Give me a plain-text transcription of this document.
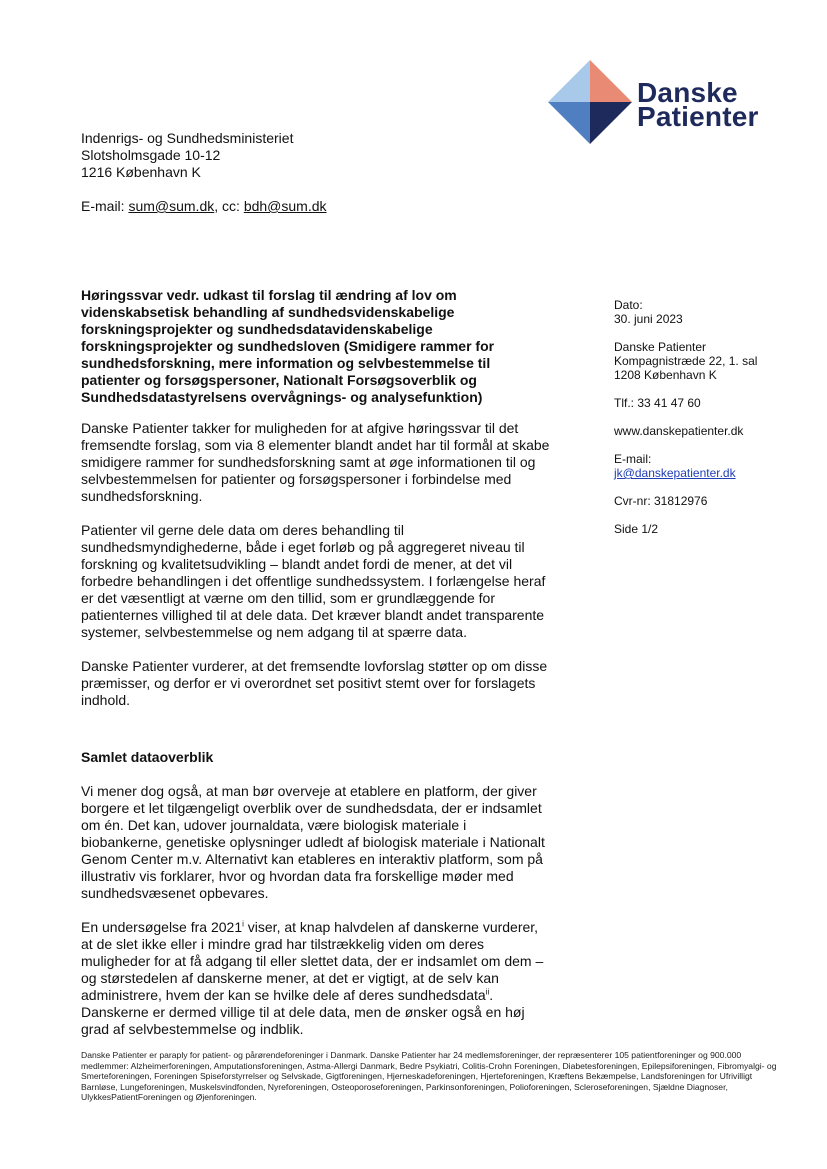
Danske
Patienter
Indenrigs- og Sundhedsministeriet
Slotsholmsgade 10-12
1216 København K
E-mail: sum@sum.dk, cc: bdh@sum.dk
Høringssvar vedr. udkast til forslag til ændring af lov om videnskabsetisk behandling af sundhedsvidenskabelige forskningsprojekter og sundhedsdatavidenskabelige forskningsprojekter og sundhedsloven (Smidigere rammer for sundhedsforskning, mere information og selvbestemmelse til patienter og forsøgspersoner, Nationalt Forsøgsoverblik og Sundhedsdatastyrelsens overvågnings- og analysefunktion)
Dato:
30. juni 2023
Danske Patienter
Kompagnistræde 22, 1. sal
1208 København K
Tlf.: 33 41 47 60
www.danskepatienter.dk
E-mail:
jk@danskepatienter.dk
Cvr-nr: 31812976
Side 1/2

Danske Patienter takker for muligheden for at afgive høringssvar til det fremsendte forslag, som via 8 elementer blandt andet har til formål at skabe smidigere rammer for sundhedsforskning samt at øge informationen til og selvbestemmelsen for patienter og forsøgspersoner i forbindelse med sundhedsforskning.

Patienter vil gerne dele data om deres behandling til sundhedsmyndighederne, både i eget forløb og på aggregeret niveau til forskning og kvalitetsudvikling – blandt andet fordi de mener, at det vil forbedre behandlingen i det offentlige sundhedssystem. I forlængelse heraf er det væsentligt at værne om den tillid, som er grundlæggende for patienternes villighed til at dele data. Det kræver blandt andet transparente systemer, selvbestemmelse og nem adgang til at spærre data.

Danske Patienter vurderer, at det fremsendte lovforslag støtter op om disse præmisser, og derfor er vi overordnet set positivt stemt over for forslagets indhold.

Samlet dataoverblik

Vi mener dog også, at man bør overveje at etablere en platform, der giver borgere et let tilgængeligt overblik over de sundhedsdata, der er indsamlet om én. Det kan, udover journaldata, være biologisk materiale i biobankerne, genetiske oplysninger udledt af biologisk materiale i Nationalt Genom Center m.v. Alternativt kan etableres en interaktiv platform, som på illustrativ vis forklarer, hvor og hvordan data fra forskellige møder med sundhedsvæsenet opbevares.

En undersøgelse fra 2021$^i$ viser, at knap halvdelen af danskerne vurderer, at de slet ikke eller i mindre grad har tilstrækkelig viden om deres muligheder for at få adgang til eller slettet data, der er indsamlet om dem – og størstedelen af danskerne mener, at det er vigtigt, at de selv kan administrere, hvem der kan se hvilke dele af deres sundhedsdata$^{ii}$. Danskerne er dermed villige til at dele data, men de ønsker også en høj grad af selvbestemmelse og indblik.

Danske Patienter er paraply for patient- og pårørendeforeninger i Danmark. Danske Patienter har 24 medlemsforeninger, der repræsenterer 105 patientforeninger og 900.000 medlemmer: Alzheimerforeningen, Amputationsforeningen, Astma-Allergi Danmark, Bedre Psykiatri, Colitis-Crohn Foreningen, Diabetesforeningen, Epilepsiforeningen, Fibromyalgi- og Smerteforeningen, Foreningen Spiseforstyrrelser og Selvskade, Gigtforeningen, Hjerneskadeforeningen, Hjerteforeningen, Kræftens Bekæmpelse, Landsforeningen for Ufrivilligt Barnløse, Lungeforeningen, Muskelsvindfonden, Nyreforeningen, Osteoporoseforeningen, Parkinsonforeningen, Polioforeningen, Scleroseforeningen, Sjældne Diagnoser, UlykkesPatientForeningen og Øjenforeningen.
